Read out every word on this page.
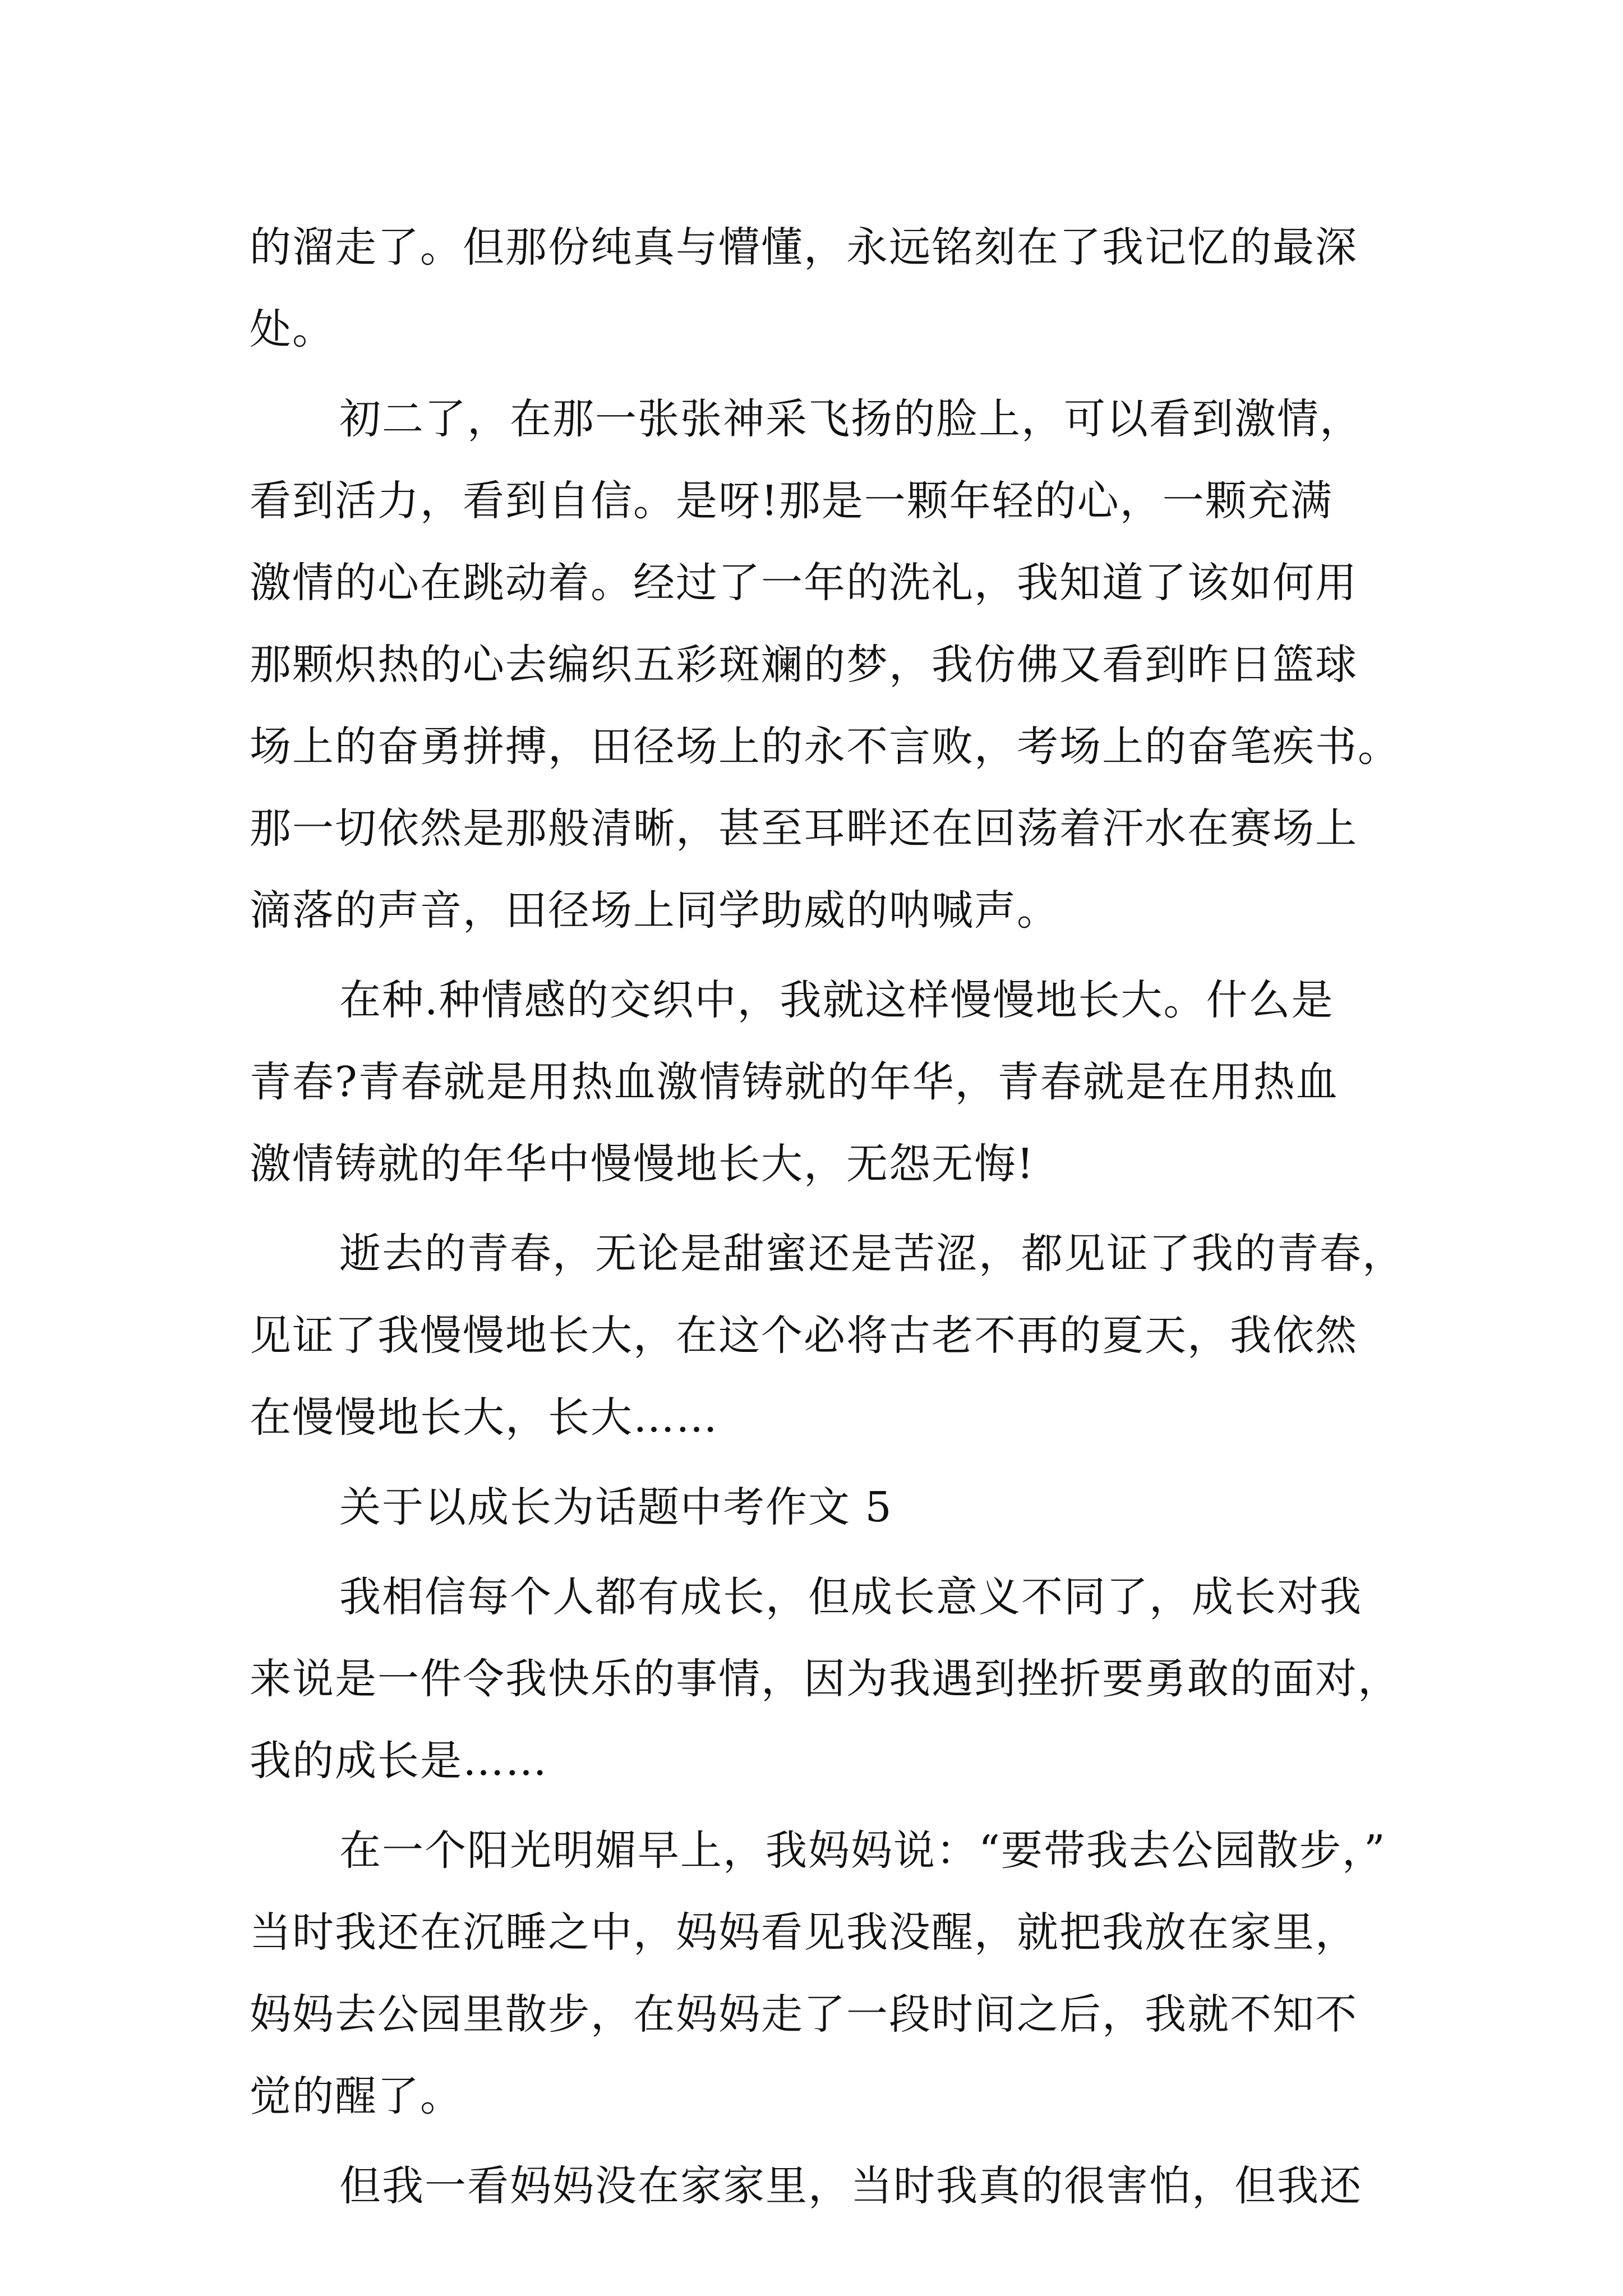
的溜走了。但那份纯真与懵懂，永远铭刻在了我记忆的最深
处。
初二了，在那一张张神采飞扬的脸上，可以看到激情，
看到活力，看到自信。是呀!那是一颗年轻的心，一颗充满
激情的心在跳动着。经过了一年的洗礼，我知道了该如何用
那颗炽热的心去编织五彩斑斓的梦，我仿佛又看到昨日篮球
场上的奋勇拼搏，田径场上的永不言败，考场上的奋笔疾书。
那一切依然是那般清晰，甚至耳畔还在回荡着汗水在赛场上
滴落的声音，田径场上同学助威的呐喊声。
在种.种情感的交织中，我就这样慢慢地长大。什么是
青春?青春就是用热血激情铸就的年华，青春就是在用热血
激情铸就的年华中慢慢地长大，无怨无悔!
逝去的青春，无论是甜蜜还是苦涩，都见证了我的青春，
见证了我慢慢地长大，在这个必将古老不再的夏天，我依然
在慢慢地长大，长大……
关于以成长为话题中考作文 5
我相信每个人都有成长，但成长意义不同了，成长对我
来说是一件令我快乐的事情，因为我遇到挫折要勇敢的面对，
我的成长是……
在一个阳光明媚早上，我妈妈说：“要带我去公园散步，”
当时我还在沉睡之中，妈妈看见我没醒，就把我放在家里，
妈妈去公园里散步，在妈妈走了一段时间之后，我就不知不
觉的醒了。
但我一看妈妈没在家家里，当时我真的很害怕，但我还
